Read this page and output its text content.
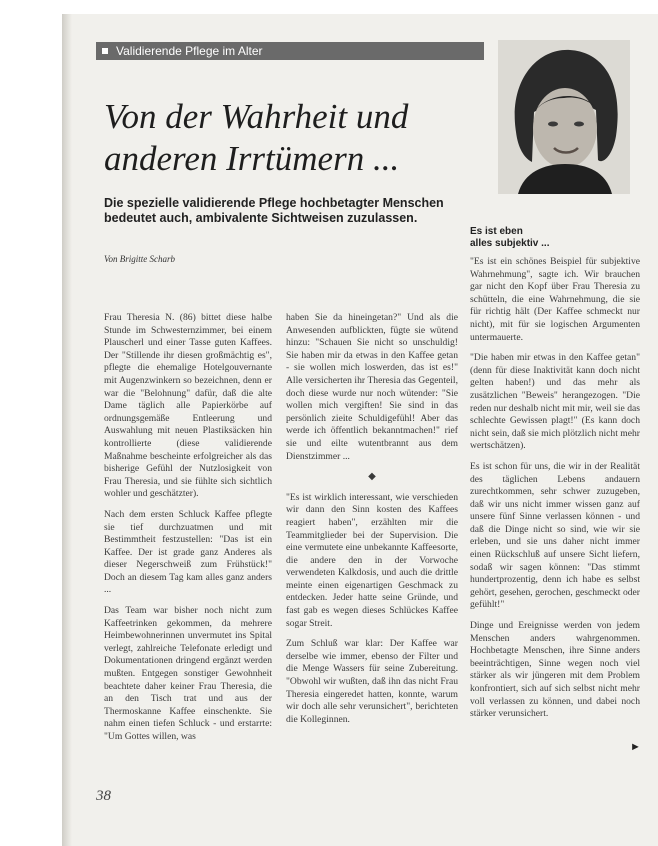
Validierende Pflege im Alter
Von der Wahrheit und
anderen Irrtümern ...
Die spezielle validierende Pflege hochbetagter Menschen bedeutet auch, ambivalente Sichtweisen zuzulassen.
Von Brigitte Scharb

Frau Theresia N. (86) bittet diese halbe Stunde im Schwesternzimmer, bei einem Plauscherl und einer Tasse guten Kaffees. Der "Stillende ihr diesen großmächtig es", pflegte die ehemalige Hotelgouvernante mit Augenzwinkern so bezeichnen, denn er war die "Belohnung" dafür, daß die alte Dame täglich alle Papierkörbe auf ordnungsgemäße Entleerung und Auswahlung mit neuen Plastiksäcken hin kontrollierte (diese validierende Maßnahme bescheinte erfolgreicher als das bisherige Gefühl der Nutzlosigkeit von Frau Theresia, und sie fühlte sich sichtlich wohler und geschätzter).

Nach dem ersten Schluck Kaffee pflegte sie tief durchzuatmen und mit Bestimmtheit festzustellen: "Das ist ein Kaffee. Der ist grade ganz Anderes als dieser Negerschweiß zum Frühstück!" Doch an diesem Tag kam alles ganz anders ...

Das Team war bisher noch nicht zum Kaffeetrinken gekommen, da mehrere Heimbewohnerinnen unvermutet ins Spital verlegt, zahlreiche Telefonate erledigt und Dokumentationen dringend ergänzt werden mußten. Entgegen sonstiger Gewohnheit beachtete daher keiner Frau Theresia, die an den Tisch trat und aus der Thermoskanne Kaffee einschenkte. Sie nahm einen tiefen Schluck - und erstarrte: "Um Gottes willen, was

haben Sie da hineingetan?" Und als die Anwesenden aufblickten, fügte sie wütend hinzu: "Schauen Sie nicht so unschuldig! Sie haben mir da etwas in den Kaffee getan - sie wollen mich loswerden, das ist es!" Alle versicherten ihr Theresia das Gegenteil, doch diese wurde nur noch wütender: "Sie wollen mich vergiften! Sie sind in das persönlich zieite Schuldigefühl! Aber das werde ich öffentlich bekanntmachen!" rief sie und eilte wutentbrannt aus dem Dienstzimmer ...

◆

"Es ist wirklich interessant, wie verschieden wir dann den Sinn kosten des Kaffees reagiert haben", erzählten mir die Teammitglieder bei der Supervision. Die eine vermutete eine unbekannte Kaffeesorte, die andere den in der Vorwoche verwendeten Kalkdosis, und auch die drittle meinte einen eigenartigen Geschmack zu entdecken. Jeder hatte seine Gründe, und fast gab es wegen dieses Schlückes Kaffee sogar Streit.

Zum Schluß war klar: Der Kaffee war derselbe wie immer, ebenso der Filter und die Menge Wassers für seine Zubereitung. "Obwohl wir wußten, daß ihn das nicht Frau Theresia eingeredet hatten, konnte, warum wir doch alle sehr verunsichert", berichteten die Kolleginnen.

Es ist eben
alles subjektiv ...

"Es ist ein schönes Beispiel für subjektive Wahrnehmung", sagte ich. Wir brauchen gar nicht den Kopf über Frau Theresia zu schütteln, die eine Wahrnehmung, die sie für richtig hält (Der Kaffee schmeckt nur nicht), mit für sie logischen Argumenten untermauerte.

"Die haben mir etwas in den Kaffee getan" (denn für diese Inaktivität kann doch nicht gelten haben!) und das mehr als zusätzlichen "Beweis" herangezogen. "Die reden nur deshalb nicht mit mir, weil sie das schlechte Gewissen plagt!" (Es kann doch nicht sein, daß sie mich plötzlich nicht mehr wertschätzen).

Es ist schon für uns, die wir in der Realität des täglichen Lebens andauern zurechtkommen, sehr schwer zuzugeben, daß wir uns nicht immer wissen ganz auf unsere fünf Sinne verlassen können - und daß die Dinge nicht so sind, wie wir sie erleben, und sie uns daher nicht immer einen Rückschluß auf unsere Sicht liefern, sodaß wir sagen können: "Das stimmt hundertprozentig, denn ich habe es selbst gehört, gesehen, gerochen, geschmeckt oder gefühlt!"

Dinge und Ereignisse werden von jedem Menschen anders wahrgenommen. Hochbetagte Menschen, ihre Sinne anders beeinträchtigen, Sinne wegen noch viel stärker als wir jüngeren mit dem Problem konfrontiert, sich auf sich selbst nicht mehr voll verlassen zu können, und dabei noch stärker verunsichert.

►
38
